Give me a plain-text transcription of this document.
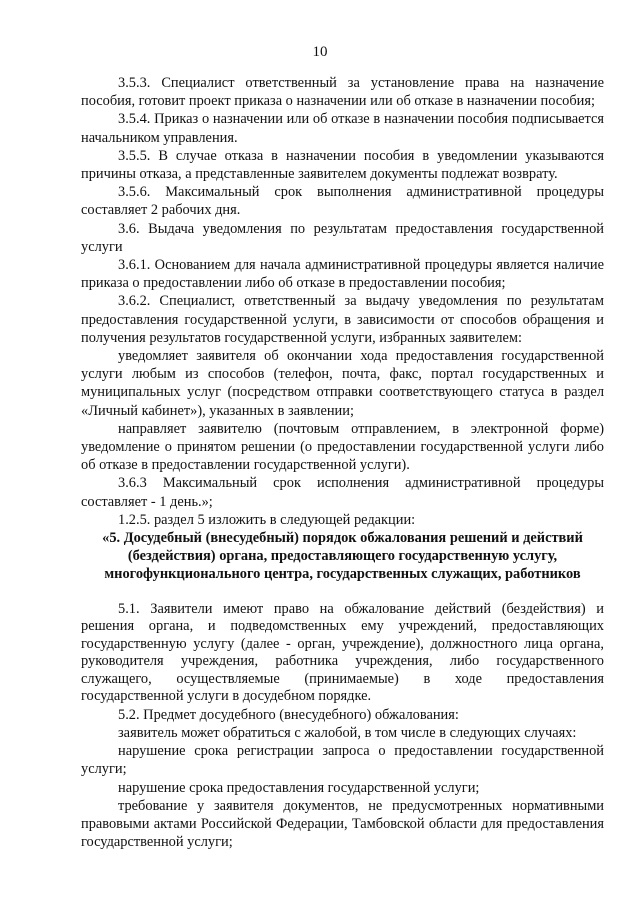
10

3.5.3. Специалист ответственный за установление права на назначение пособия, готовит проект приказа о назначении или об отказе в назначении пособия;

3.5.4. Приказ о назначении или об отказе в назначении пособия подписывается начальником управления.

3.5.5. В случае отказа в назначении пособия в уведомлении указываются причины отказа, а представленные заявителем документы подлежат возврату.

3.5.6. Максимальный срок выполнения административной процедуры составляет 2 рабочих дня.

3.6. Выдача уведомления по результатам предоставления государственной услуги

3.6.1. Основанием для начала административной процедуры является наличие приказа о предоставлении либо об отказе в предоставлении пособия;

3.6.2. Специалист, ответственный за выдачу уведомления по результатам предоставления государственной услуги, в зависимости от способов обращения и получения результатов государственной услуги, избранных заявителем:

уведомляет заявителя об окончании хода предоставления государственной услуги любым из способов (телефон, почта, факс, портал государственных и муниципальных услуг (посредством отправки соответствующего статуса в раздел «Личный кабинет»), указанных в заявлении;

направляет заявителю (почтовым отправлением, в электронной форме) уведомление о принятом решении (о предоставлении государственной услуги либо об отказе в предоставлении государственной услуги).

3.6.3 Максимальный срок исполнения административной процедуры составляет - 1 день.»;

1.2.5. раздел 5 изложить в следующей редакции:

«5. Досудебный (внесудебный) порядок обжалования решений и действий (бездействия) органа, предоставляющего государственную услугу, многофункционального центра, государственных служащих, работников

5.1. Заявители имеют право на обжалование действий (бездействия) и решения органа, и подведомственных ему учреждений, предоставляющих государственную услугу (далее - орган, учреждение), должностного лица органа, руководителя учреждения, работника учреждения, либо государственного служащего, осуществляемые (принимаемые) в ходе предоставления государственной услуги в досудебном порядке.

5.2. Предмет досудебного (внесудебного) обжалования:

заявитель может обратиться с жалобой, в том числе в следующих случаях:

нарушение срока регистрации запроса о предоставлении государственной услуги;

нарушение срока предоставления государственной услуги;

требование у заявителя документов, не предусмотренных нормативными правовыми актами Российской Федерации, Тамбовской области для предоставления государственной услуги;
